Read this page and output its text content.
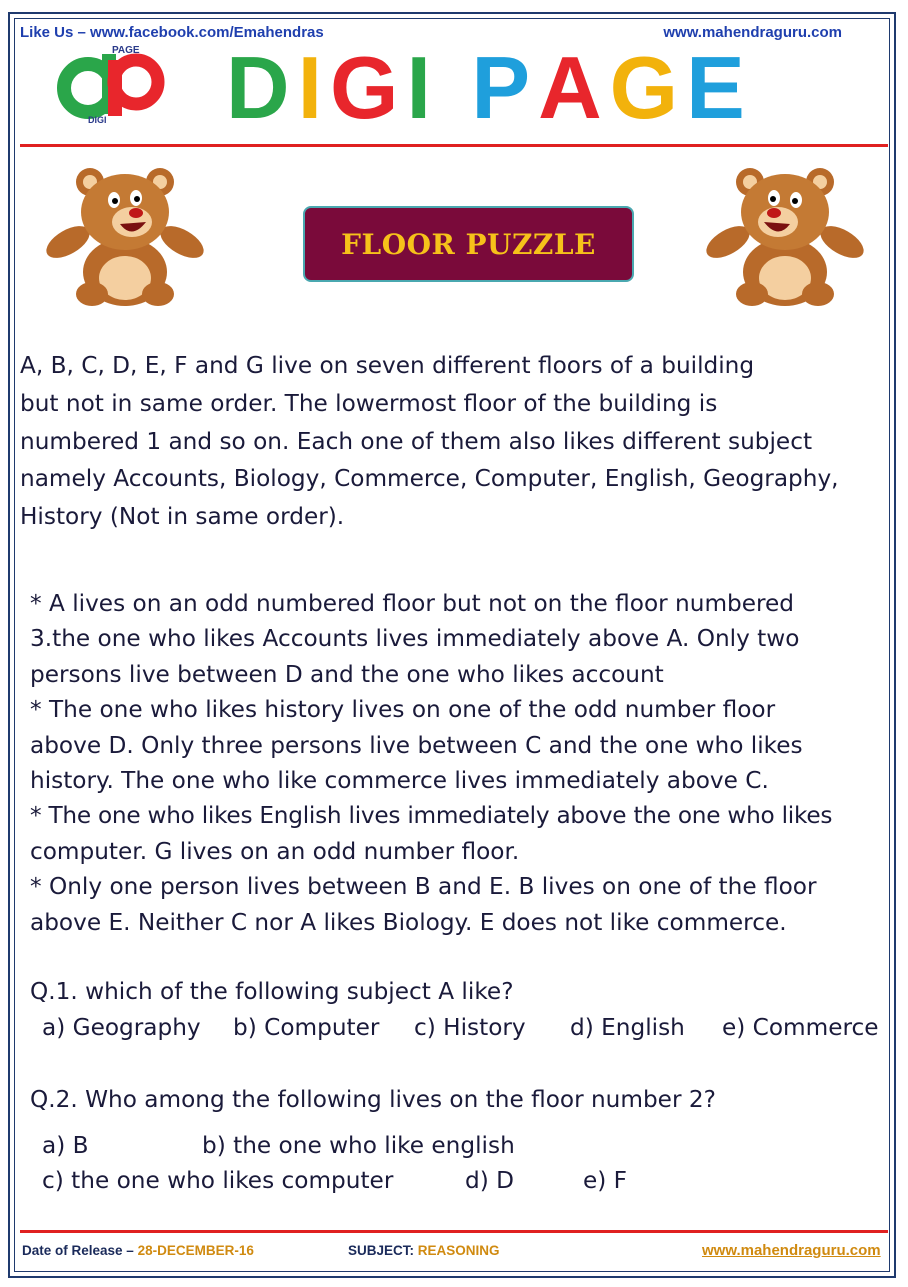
Like Us – www.facebook.com/Emahendras	www.mahendraguru.com
PAGE
DIGI DIGI PAGE
FLOOR PUZZLE

A, B, C, D, E, F and G live on seven different floors of a building
but not in same order. The lowermost floor of the building is
numbered 1 and so on. Each one of them also likes different subject
namely Accounts, Biology, Commerce, Computer, English, Geography,
History (Not in same order).

* A lives on an odd numbered floor but not on the floor numbered
3.the one who likes Accounts lives immediately above A. Only two
persons live between D and the one who likes account
* The one who likes history lives on one of the odd number floor
above D. Only three persons live between C and the one who likes
history. The one who like commerce lives immediately above C.
* The one who likes English lives immediately above the one who likes
computer. G lives on an odd number floor.
* Only one person lives between B and E. B lives on one of the floor
above E. Neither C nor A likes Biology. E does not like commerce.

Q.1. which of the following subject A like?

a) Geography b) Computer c) History d) English e) Commerce

Q.2. Who among the following lives on the floor number 2?

a) B	b) the one who like english
c) the one who likes computer	d) D	e) F
Date of Release – 28-DECEMBER-16	SUBJECT: REASONING	www.mahendraguru.com
